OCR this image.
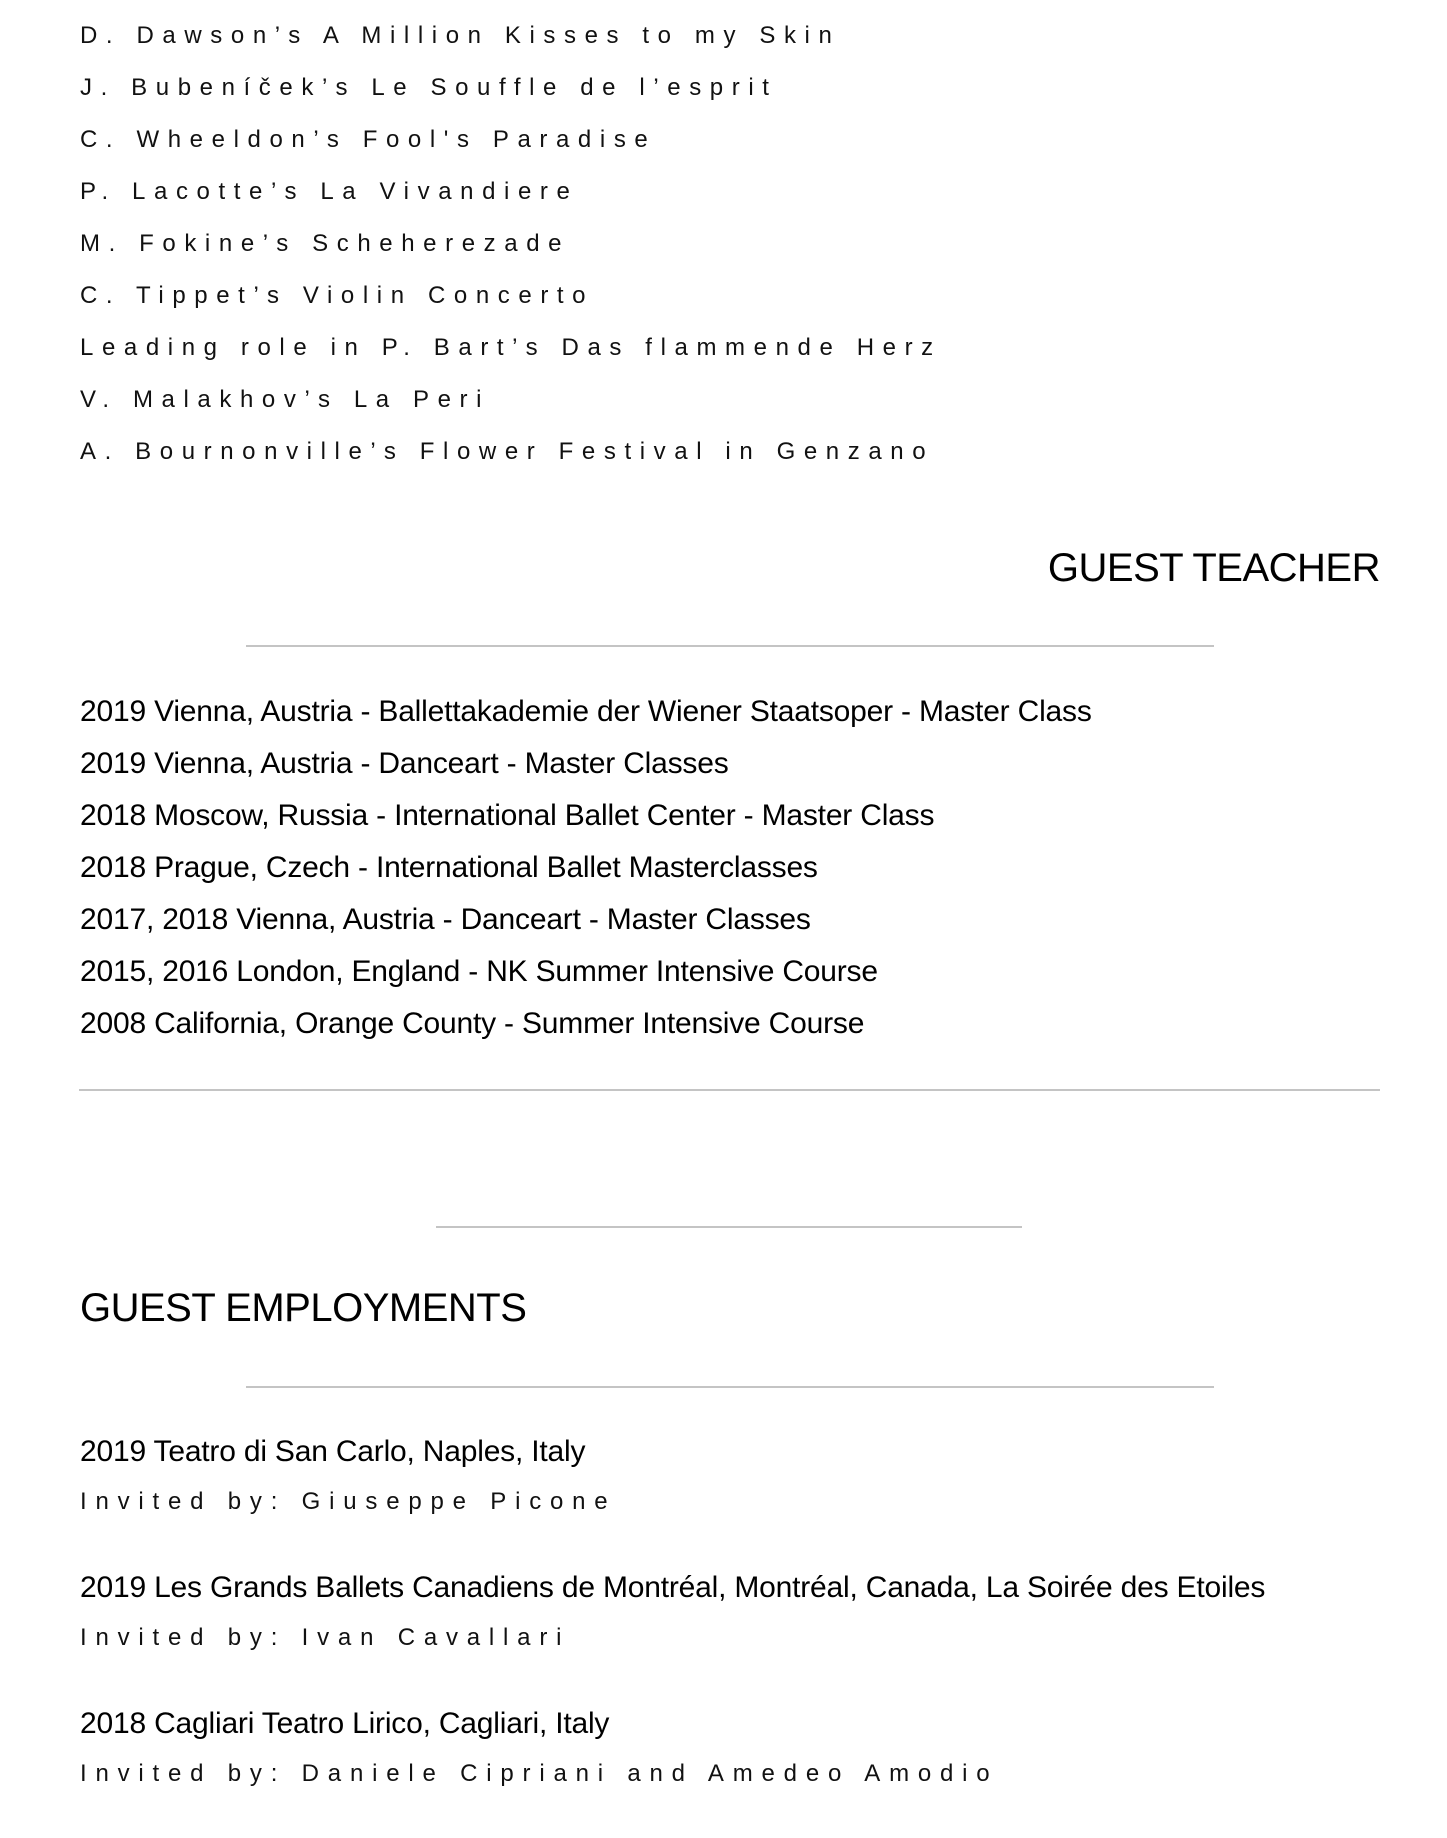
D. Dawson’s A Million Kisses to my Skin
J. Bubeníček’s Le Souffle de l’esprit
C. Wheeldon’s Fool's Paradise
P. Lacotte’s La Vivandiere
M. Fokine’s Scheherezade
C. Tippet’s Violin Concerto
Leading role in P. Bart’s Das flammende Herz
V. Malakhov’s La Peri
A. Bournonville’s Flower Festival in Genzano
GUEST TEACHER
2019 Vienna, Austria - Ballettakademie der Wiener Staatsoper - Master Class
2019 Vienna, Austria - Danceart - Master Classes
2018 Moscow, Russia - International Ballet Center - Master Class
2018 Prague, Czech - International Ballet Masterclasses
2017, 2018 Vienna, Austria - Danceart - Master Classes
2015, 2016 London, England - NK Summer Intensive Course
2008 California, Orange County - Summer Intensive Course
GUEST EMPLOYMENTS
2019 Teatro di San Carlo, Naples, Italy
Invited by: Giuseppe Picone
2019 Les Grands Ballets Canadiens de Montréal, Montréal, Canada, La Soirée des Etoiles
Invited by: Ivan Cavallari
2018 Cagliari Teatro Lirico, Cagliari, Italy
Invited by: Daniele Cipriani and Amedeo Amodio
